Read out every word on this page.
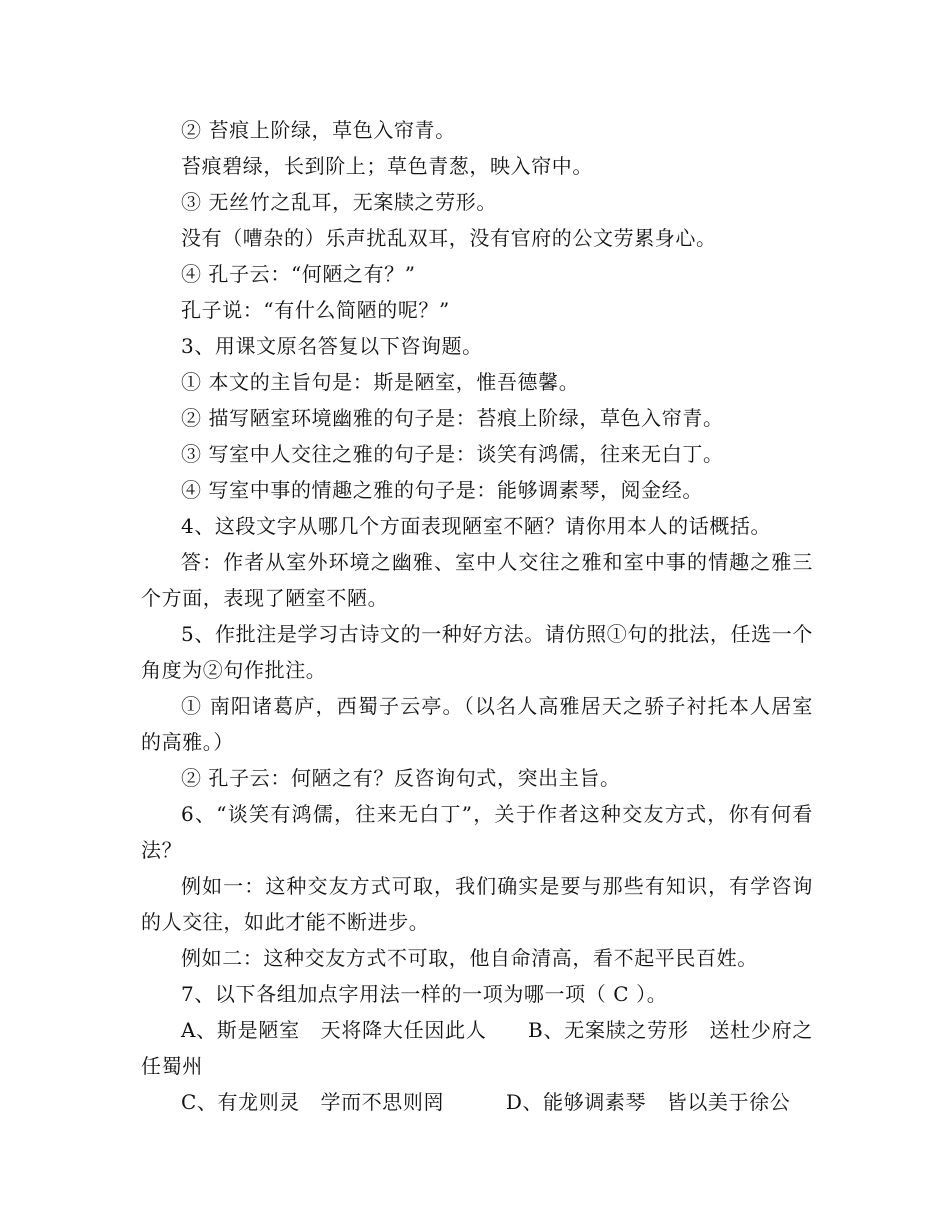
② 苔痕上阶绿，草色入帘青。

苔痕碧绿，长到阶上；草色青葱，映入帘中。

③ 无丝竹之乱耳，无案牍之劳形。

没有（嘈杂的）乐声扰乱双耳，没有官府的公文劳累身心。

④ 孔子云：“何陋之有？”

孔子说：“有什么简陋的呢？”

3、用课文原名答复以下咨询题。

① 本文的主旨句是：斯是陋室，惟吾德馨。

② 描写陋室环境幽雅的句子是：苔痕上阶绿，草色入帘青。

③ 写室中人交往之雅的句子是：谈笑有鸿儒，往来无白丁。

④ 写室中事的情趣之雅的句子是：能够调素琴，阅金经。

4、这段文字从哪几个方面表现陋室不陋？请你用本人的话概括。

答：作者从室外环境之幽雅、室中人交往之雅和室中事的情趣之雅三个方面，表现了陋室不陋。

5、作批注是学习古诗文的一种好方法。请仿照①句的批法，任选一个角度为②句作批注。

① 南阳诸葛庐，西蜀子云亭。（以名人高雅居天之骄子衬托本人居室的高雅。）

② 孔子云：何陋之有？反咨询句式，突出主旨。

6、“谈笑有鸿儒，往来无白丁”，关于作者这种交友方式，你有何看法？

例如一：这种交友方式可取，我们确实是要与那些有知识，有学咨询的人交往，如此才能不断进步。

例如二：这种交友方式不可取，他自命清高，看不起平民百姓。

7、以下各组加点字用法一样的一项为哪一项（ C ）。

A、斯是陋室　天将降大任因此人　　B、无案牍之劳形　送杜少府之任蜀州

C、有龙则灵　学而不思则罔　　　D、能够调素琴　皆以美于徐公
